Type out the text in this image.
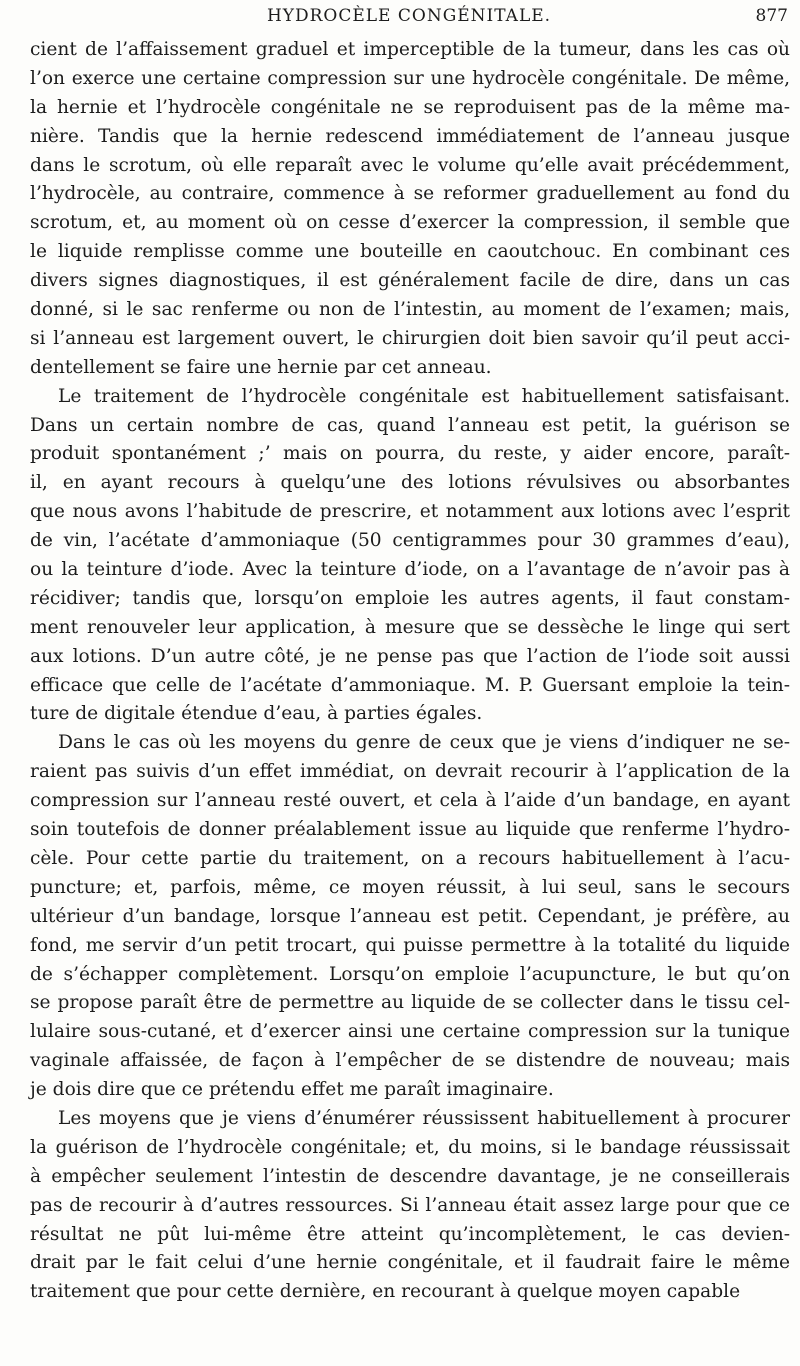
HYDROCÈLE CONGÉNITALE.	877
cient de l’affaissement graduel et imperceptible de la tumeur, dans les cas où
l’on exerce une certaine compression sur une hydrocèle congénitale. De même,
la hernie et l’hydrocèle congénitale ne se reproduisent pas de la même ma-
nière. Tandis que la hernie redescend immédiatement de l’anneau jusque
dans le scrotum, où elle reparaît avec le volume qu’elle avait précédemment,
l’hydrocèle, au contraire, commence à se reformer graduellement au fond du
scrotum, et, au moment où on cesse d’exercer la compression, il semble que
le liquide remplisse comme une bouteille en caoutchouc. En combinant ces
divers signes diagnostiques, il est généralement facile de dire, dans un cas
donné, si le sac renferme ou non de l’intestin, au moment de l’examen; mais,
si l’anneau est largement ouvert, le chirurgien doit bien savoir qu’il peut acci-
dentellement se faire une hernie par cet anneau.
Le traitement de l’hydrocèle congénitale est habituellement satisfaisant.
Dans un certain nombre de cas, quand l’anneau est petit, la guérison se
produit spontanément ;’ mais on pourra, du reste, y aider encore, paraît-
il, en ayant recours à quelqu’une des lotions révulsives ou absorbantes
que nous avons l’habitude de prescrire, et notamment aux lotions avec l’esprit
de vin, l’acétate d’ammoniaque (50 centigrammes pour 30 grammes d’eau),
ou la teinture d’iode. Avec la teinture d’iode, on a l’avantage de n’avoir pas à
récidiver; tandis que, lorsqu’on emploie les autres agents, il faut constam-
ment renouveler leur application, à mesure que se dessèche le linge qui sert
aux lotions. D’un autre côté, je ne pense pas que l’action de l’iode soit aussi
efficace que celle de l’acétate d’ammoniaque. M. P. Guersant emploie la tein-
ture de digitale étendue d’eau, à parties égales.
Dans le cas où les moyens du genre de ceux que je viens d’indiquer ne se-
raient pas suivis d’un effet immédiat, on devrait recourir à l’application de la
compression sur l’anneau resté ouvert, et cela à l’aide d’un bandage, en ayant
soin toutefois de donner préalablement issue au liquide que renferme l’hydro-
cèle. Pour cette partie du traitement, on a recours habituellement à l’acu-
puncture; et, parfois, même, ce moyen réussit, à lui seul, sans le secours
ultérieur d’un bandage, lorsque l’anneau est petit. Cependant, je préfère, au
fond, me servir d’un petit trocart, qui puisse permettre à la totalité du liquide
de s’échapper complètement. Lorsqu’on emploie l’acupuncture, le but qu’on
se propose paraît être de permettre au liquide de se collecter dans le tissu cel-
lulaire sous-cutané, et d’exercer ainsi une certaine compression sur la tunique
vaginale affaissée, de façon à l’empêcher de se distendre de nouveau; mais
je dois dire que ce prétendu effet me paraît imaginaire.
Les moyens que je viens d’énumérer réussissent habituellement à procurer
la guérison de l’hydrocèle congénitale; et, du moins, si le bandage réussissait
à empêcher seulement l’intestin de descendre davantage, je ne conseillerais
pas de recourir à d’autres ressources. Si l’anneau était assez large pour que ce
résultat ne pût lui-même être atteint qu’incomplètement, le cas devien-
drait par le fait celui d’une hernie congénitale, et il faudrait faire le même
traitement que pour cette dernière, en recourant à quelque moyen capable
